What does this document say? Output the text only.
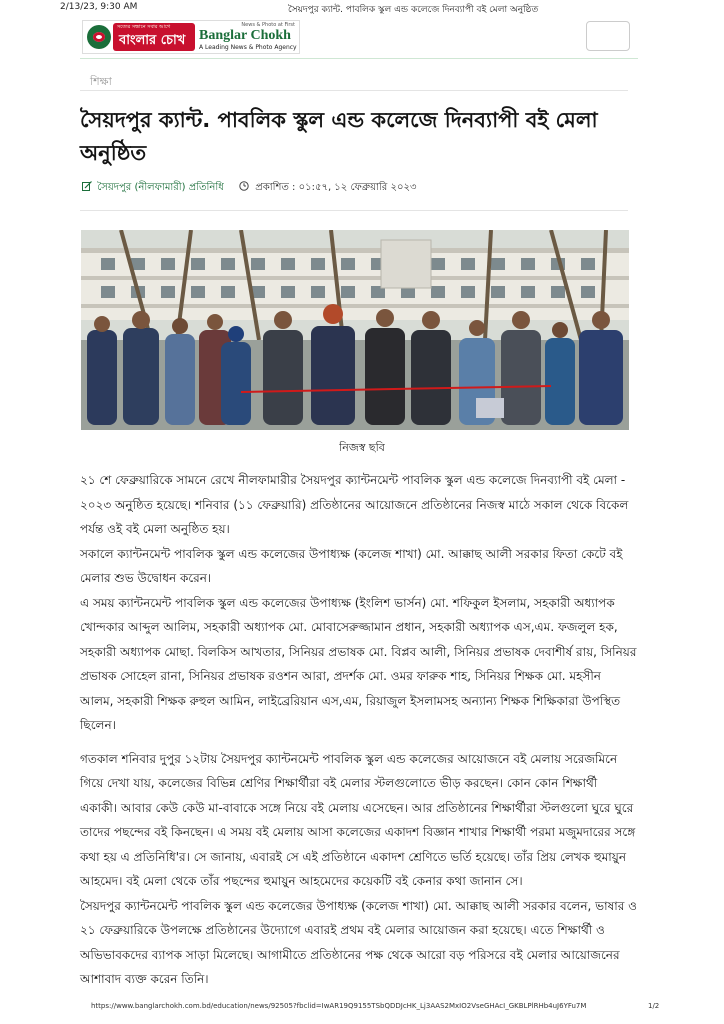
2/13/23, 9:30 AM	সৈয়দপুর ক্যান্ট. পাবলিক স্কুল এন্ড কলেজে দিনব্যাপী বই মেলা অনুষ্ঠিত
সত্যের সন্ধানে সবার আগে
বাংলার চোখ
News & Photo at First
Banglar Chokh
A Leading News & Photo Agency
শিক্ষা
সৈয়দপুর ক্যান্ট. পাবলিক স্কুল এন্ড কলেজে দিনব্যাপী বই মেলা অনুষ্ঠিত
সৈয়দপুর (নীলফামারী) প্রতিনিধি	প্রকাশিত : ০১:৫৭, ১২ ফেব্রুয়ারি ২০২৩
নিজস্ব ছবি

২১ শে ফেব্রুয়ারিকে সামনে রেখে নীলফামারীর সৈয়দপুর ক্যান্টনমেন্ট পাবলিক স্কুল এন্ড কলেজে দিনব্যাপী বই মেলা - ২০২৩ অনুষ্ঠিত হয়েছে। শনিবার (১১ ফেব্রুয়ারি) প্রতিষ্ঠানের আয়োজনে প্রতিষ্ঠানের নিজস্ব মাঠে সকাল থেকে বিকেল পর্যন্ত ওই বই মেলা অনুষ্ঠিত হয়।

সকালে ক্যান্টনমেন্ট পাবলিক স্কুল এন্ড কলেজের উপাধ্যক্ষ (কলেজ শাখা) মো. আক্কাছ আলী সরকার ফিতা কেটে বই মেলার শুভ উদ্বোধন করেন।

এ সময় ক্যান্টনমেন্ট পাবলিক স্কুল এন্ড কলেজের উপাধ্যক্ষ (ইংলিশ ভার্সন) মো. শফিকুল ইসলাম, সহকারী অধ্যাপক খোন্দকার আব্দুল আলিম, সহকারী অধ্যাপক মো. মোবাসেরুজ্জামান প্রধান, সহকারী অধ্যাপক এস,এম. ফজলুল হক, সহকারী অধ্যাপক মোছা. বিলকিস আখতার, সিনিয়র প্রভাষক মো. বিপ্লব আলী, সিনিয়র প্রভাষক দেবাশীর্ষ রায়, সিনিয়র প্রভাষক সোহেল রানা, সিনিয়র প্রভাষক রওশন আরা, প্রদর্শক মো. ওমর ফারুক শাহ, সিনিয়র শিক্ষক মো. মহসীন আলম, সহকারী শিক্ষক রুহুল আমিন, লাইব্রেরিয়ান এস,এম, রিয়াজুল ইসলামসহ অন্যান্য শিক্ষক শিক্ষিকারা উপস্থিত ছিলেন।

গতকাল শনিবার দুপুর ১২টায় সৈয়দপুর ক্যান্টনমেন্ট পাবলিক স্কুল এন্ড কলেজের আয়োজনে বই মেলায় সরেজমিনে গিয়ে দেখা যায়, কলেজের বিভিন্ন শ্রেণির শিক্ষার্থীরা বই মেলার স্টলগুলোতে ভীড় করছেন। কোন কোন শিক্ষার্থী একাকী। আবার কেউ কেউ মা-বাবাকে সঙ্গে নিয়ে বই মেলায় এসেছেন। আর প্রতিষ্ঠানের শিক্ষার্থীরা স্টলগুলো ঘুরে ঘুরে তাদের পছন্দের বই কিনছেন। এ সময় বই মেলায় আসা কলেজের একাদশ বিজ্ঞান শাখার শিক্ষার্থী পরমা মজুমদারের সঙ্গে কথা হয় এ প্রতিনিধি'র। সে জানায়, এবারই সে এই প্রতিষ্ঠানে একাদশ শ্রেণিতে ভর্তি হয়েছে। তাঁর প্রিয় লেখক হুমায়ুন আহমেদ। বই মেলা থেকে তাঁর পছন্দের হুমায়ুন আহমেদের কয়েকটি বই কেনার কথা জানান সে।

সৈয়দপুর ক্যান্টনমেন্ট পাবলিক স্কুল এন্ড কলেজের উপাধ্যক্ষ (কলেজ শাখা) মো. আক্কাছ আলী সরকার বলেন, ভাষার ও ২১ ফেব্রুয়ারিকে উপলক্ষে প্রতিষ্ঠানের উদ্যোগে এবারই প্রথম বই মেলার আয়োজন করা হয়েছে। এতে শিক্ষার্থী ও অভিভাবকদের ব্যাপক সাড়া মিলেছে। আগামীতে প্রতিষ্ঠানের পক্ষ থেকে আরো বড় পরিসরে বই মেলার আয়োজনের আশাবাদ ব্যক্ত করেন তিনি।

https://www.banglarchokh.com.bd/education/news/92505?fbclid=IwAR19Q9155TSbQDDJcHK_Lj3AAS2MxIO2VseGHAcI_GKBLPlRHb4uJ6YFu7M	1/2
